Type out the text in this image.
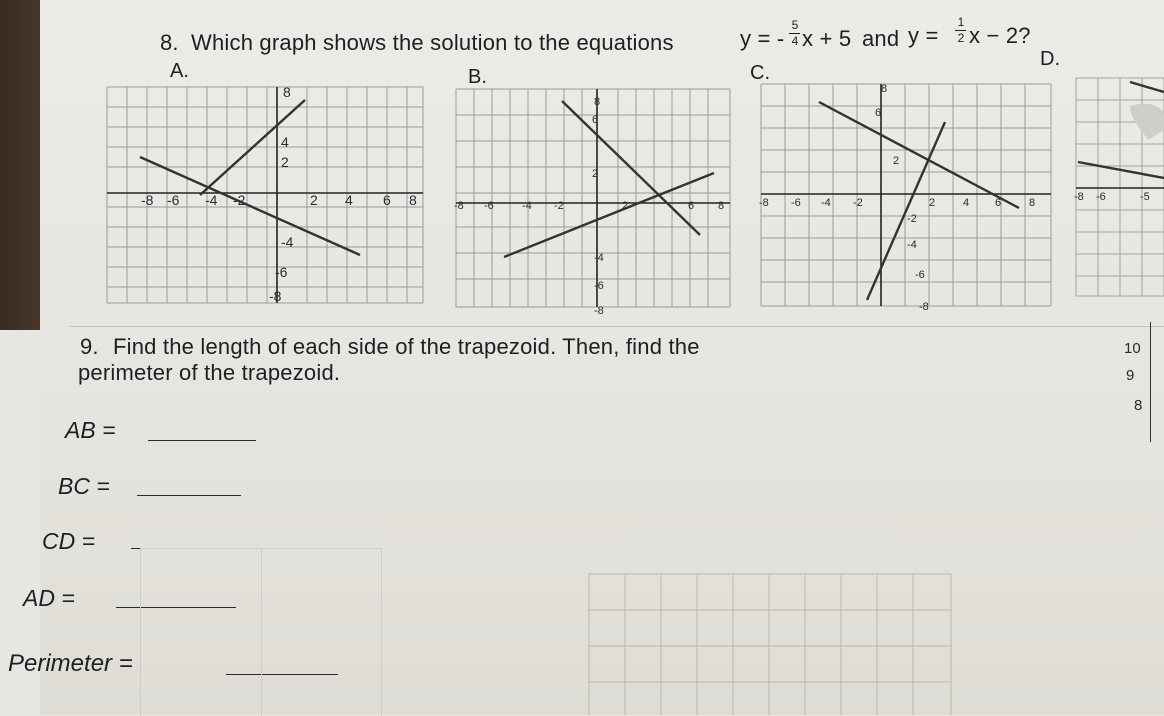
8. Which graph shows the solution to the equations	y = -
5
4 x + 5 and y =
1
2 x − 2?
A.	B.	C.
D.
-8 -6 -4 -2	2 4 6 8
2
4
8
-4
-6
-8
-8 -6	-4 -2	2	6 8
8
6
2
-4
-6
-8
-8 -6 -4 -2	2	4 6	8
8
6
2
-2
-4
-6
-8
-8 -6	-5
9. Find the length of each side of the trapezoid. Then, find the
perimeter of the trapezoid.
AB =
BC =
CD =
AD =
Perimeter =
10
9
8
